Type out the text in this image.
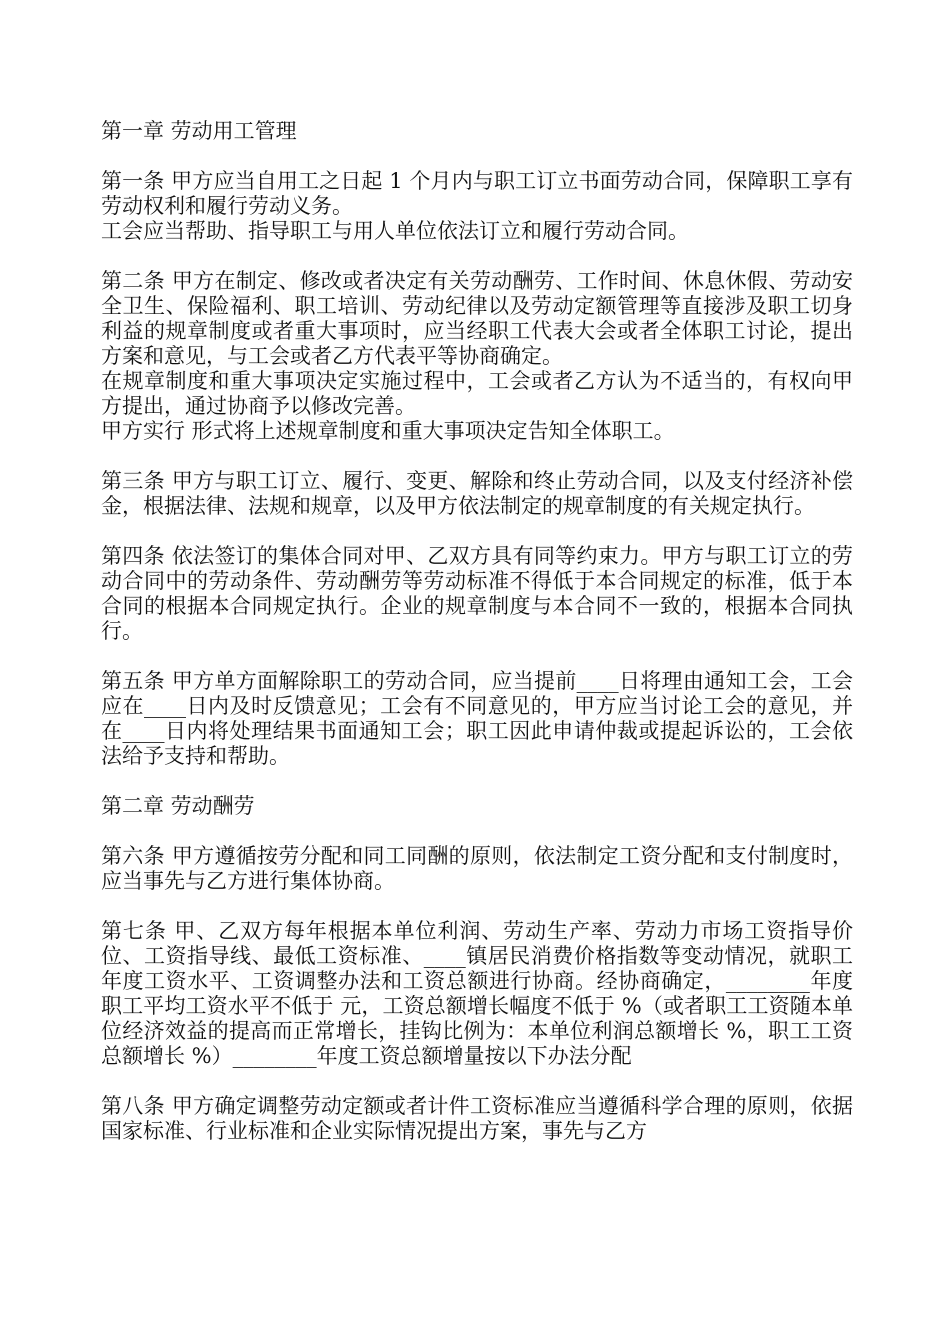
第一章 劳动用工管理

第一条 甲方应当自用工之日起 1 个月内与职工订立书面劳动合同，保障职工享有劳动权利和履行劳动义务。

工会应当帮助、指导职工与用人单位依法订立和履行劳动合同。

第二条 甲方在制定、修改或者决定有关劳动酬劳、工作时间、休息休假、劳动安全卫生、保险福利、职工培训、劳动纪律以及劳动定额管理等直接涉及职工切身利益的规章制度或者重大事项时，应当经职工代表大会或者全体职工讨论，提出方案和意见，与工会或者乙方代表平等协商确定。

在规章制度和重大事项决定实施过程中，工会或者乙方认为不适当的，有权向甲方提出，通过协商予以修改完善。

甲方实行 形式将上述规章制度和重大事项决定告知全体职工。

第三条 甲方与职工订立、履行、变更、解除和终止劳动合同，以及支付经济补偿金，根据法律、法规和规章，以及甲方依法制定的规章制度的有关规定执行。

第四条 依法签订的集体合同对甲、乙双方具有同等约束力。甲方与职工订立的劳动合同中的劳动条件、劳动酬劳等劳动标准不得低于本合同规定的标准，低于本合同的根据本合同规定执行。企业的规章制度与本合同不一致的，根据本合同执行。

第五条 甲方单方面解除职工的劳动合同，应当提前____日将理由通知工会，工会应在____日内及时反馈意见；工会有不同意见的，甲方应当讨论工会的意见，并在____日内将处理结果书面通知工会；职工因此申请仲裁或提起诉讼的，工会依法给予支持和帮助。

第二章 劳动酬劳

第六条 甲方遵循按劳分配和同工同酬的原则，依法制定工资分配和支付制度时，应当事先与乙方进行集体协商。

第七条 甲、乙双方每年根据本单位利润、劳动生产率、劳动力市场工资指导价位、工资指导线、最低工资标准、____镇居民消费价格指数等变动情况，就职工年度工资水平、工资调整办法和工资总额进行协商。经协商确定，________年度职工平均工资水平不低于 元，工资总额增长幅度不低于 %（或者职工工资随本单位经济效益的提高而正常增长，挂钩比例为：本单位利润总额增长 %，职工工资总额增长 %）________年度工资总额增量按以下办法分配

第八条 甲方确定调整劳动定额或者计件工资标准应当遵循科学合理的原则，依据国家标准、行业标准和企业实际情况提出方案，事先与乙方
